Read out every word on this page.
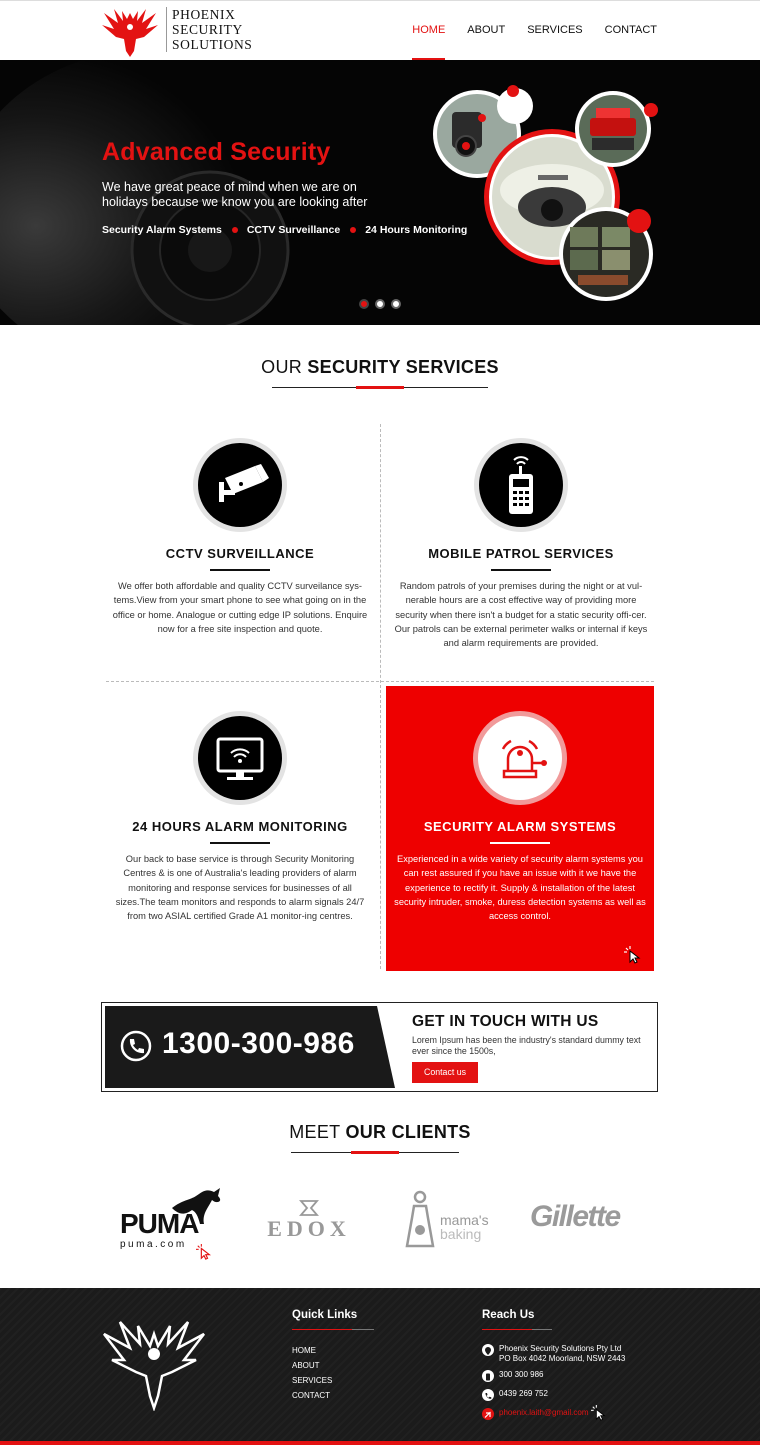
PHOENIX
SECURITY
SOLUTIONS
HOME ABOUT SERVICES CONTACT
Advanced Security

We have great peace of mind when we are on holidays because we know you are looking after

Security Alarm Systems CCTV Surveillance 24 Hours Monitoring
OUR SECURITY SERVICES
CCTV SURVEILLANCE

We offer both affordable and quality CCTV surveilance sys-tems.View from your smart phone to see what going on in the office or home. Analogue or cutting edge IP solutions. Enquire now for a free site inspection and quote.

MOBILE PATROL SERVICES

Random patrols of your premises during the night or at vul-nerable hours are a cost effective way of providing more security when there isn't a budget for a static security offi-cer. Our patrols can be external perimeter walks or internal if keys and alarm requirements are provided.

24 HOURS ALARM MONITORING

Our back to base service is through Security Monitoring Centres & is one of Australia's leading providers of alarm monitoring and response services for businesses of all sizes.The team monitors and responds to alarm signals 24/7 from two ASIAL certified Grade A1 monitor-ing centres.

SECURITY ALARM SYSTEMS

Experienced in a wide variety of security alarm systems you can rest assured if you have an issue with it we have the experience to rectify it. Supply & installation of the latest security intruder, smoke, duress detection systems as well as access control.

1300-300-986
GET IN TOUCH WITH US

Lorem Ipsum has been the industry's standard dummy text ever since the 1500s,

Contact us
MEET OUR CLIENTS
PUMA
puma.com
EDOX	mama's
baking
Gillette
Quick Links
HOME
ABOUT
SERVICES
CONTACT
Reach Us
Phoenix Security Solutions Pty Ltd
PO Box 4042 Moorland, NSW 2443
300 300 986
0439 269 752
phoenix.laith@gmail.com
